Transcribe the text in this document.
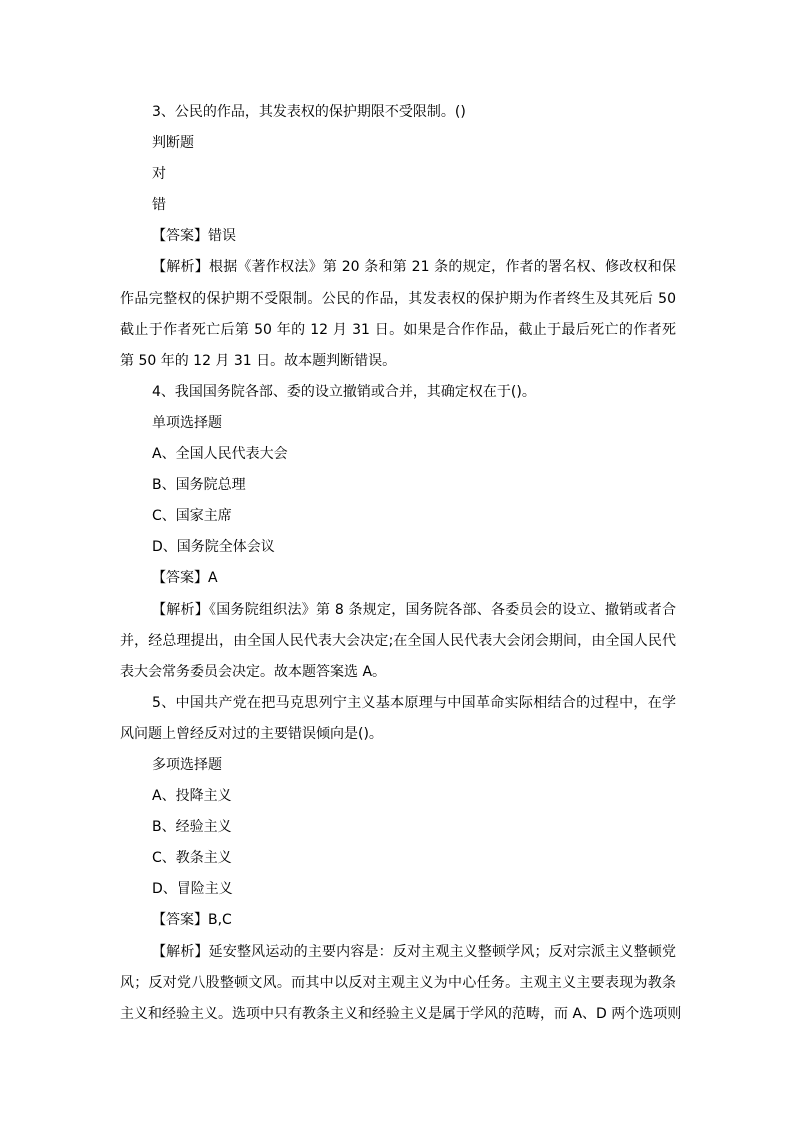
3、公民的作品，其发表权的保护期限不受限制。()
判断题
对
错
【答案】错误
【解析】根据《著作权法》第 20 条和第 21 条的规定，作者的署名权、修改权和保
作品完整权的保护期不受限制。公民的作品，其发表权的保护期为作者终生及其死后 50
截止于作者死亡后第 50 年的 12 月 31 日。如果是合作作品，截止于最后死亡的作者死
第 50 年的 12 月 31 日。故本题判断错误。
4、我国国务院各部、委的设立撤销或合并，其确定权在于()。
单项选择题
A、全国人民代表大会
B、国务院总理
C、国家主席
D、国务院全体会议
【答案】A
【解析】《国务院组织法》第 8 条规定，国务院各部、各委员会的设立、撤销或者合
并，经总理提出，由全国人民代表大会决定;在全国人民代表大会闭会期间，由全国人民代
表大会常务委员会决定。故本题答案选 A。
5、中国共产党在把马克思列宁主义基本原理与中国革命实际相结合的过程中，在学
风问题上曾经反对过的主要错误倾向是()。
多项选择题
A、投降主义
B、经验主义
C、教条主义
D、冒险主义
【答案】B,C
【解析】延安整风运动的主要内容是：反对主观主义整顿学风；反对宗派主义整顿党
风；反对党八股整顿文风。而其中以反对主观主义为中心任务。主观主义主要表现为教条
主义和经验主义。选项中只有教条主义和经验主义是属于学风的范畴，而 A、D 两个选项则
